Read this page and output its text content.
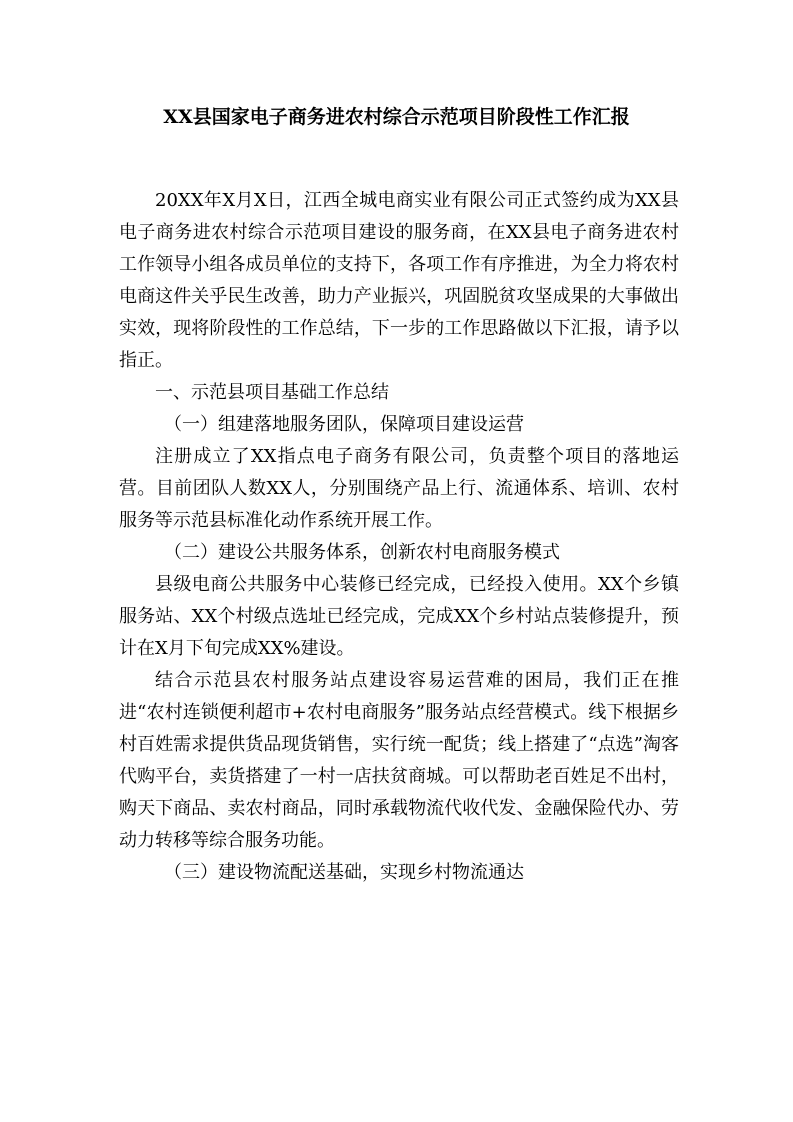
XX县国家电子商务进农村综合示范项目阶段性工作汇报

20XX年X月X日，江西全城电商实业有限公司正式签约成为XX县电子商务进农村综合示范项目建设的服务商，在XX县电子商务进农村工作领导小组各成员单位的支持下，各项工作有序推进，为全力将农村电商这件关乎民生改善，助力产业振兴，巩固脱贫攻坚成果的大事做出实效，现将阶段性的工作总结，下一步的工作思路做以下汇报，请予以指正。

一、示范县项目基础工作总结

（一）组建落地服务团队，保障项目建设运营

注册成立了XX指点电子商务有限公司，负责整个项目的落地运营。目前团队人数XX人，分别围绕产品上行、流通体系、培训、农村服务等示范县标准化动作系统开展工作。

（二）建设公共服务体系，创新农村电商服务模式

县级电商公共服务中心装修已经完成，已经投入使用。XX个乡镇服务站、XX个村级点选址已经完成，完成XX个乡村站点装修提升，预计在X月下旬完成XX%建设。

结合示范县农村服务站点建设容易运营难的困局，我们正在推进“农村连锁便利超市+农村电商服务”服务站点经营模式。线下根据乡村百姓需求提供货品现货销售，实行统一配货；线上搭建了“点选”淘客代购平台，卖货搭建了一村一店扶贫商城。可以帮助老百姓足不出村，购天下商品、卖农村商品，同时承载物流代收代发、金融保险代办、劳动力转移等综合服务功能。

（三）建设物流配送基础，实现乡村物流通达
